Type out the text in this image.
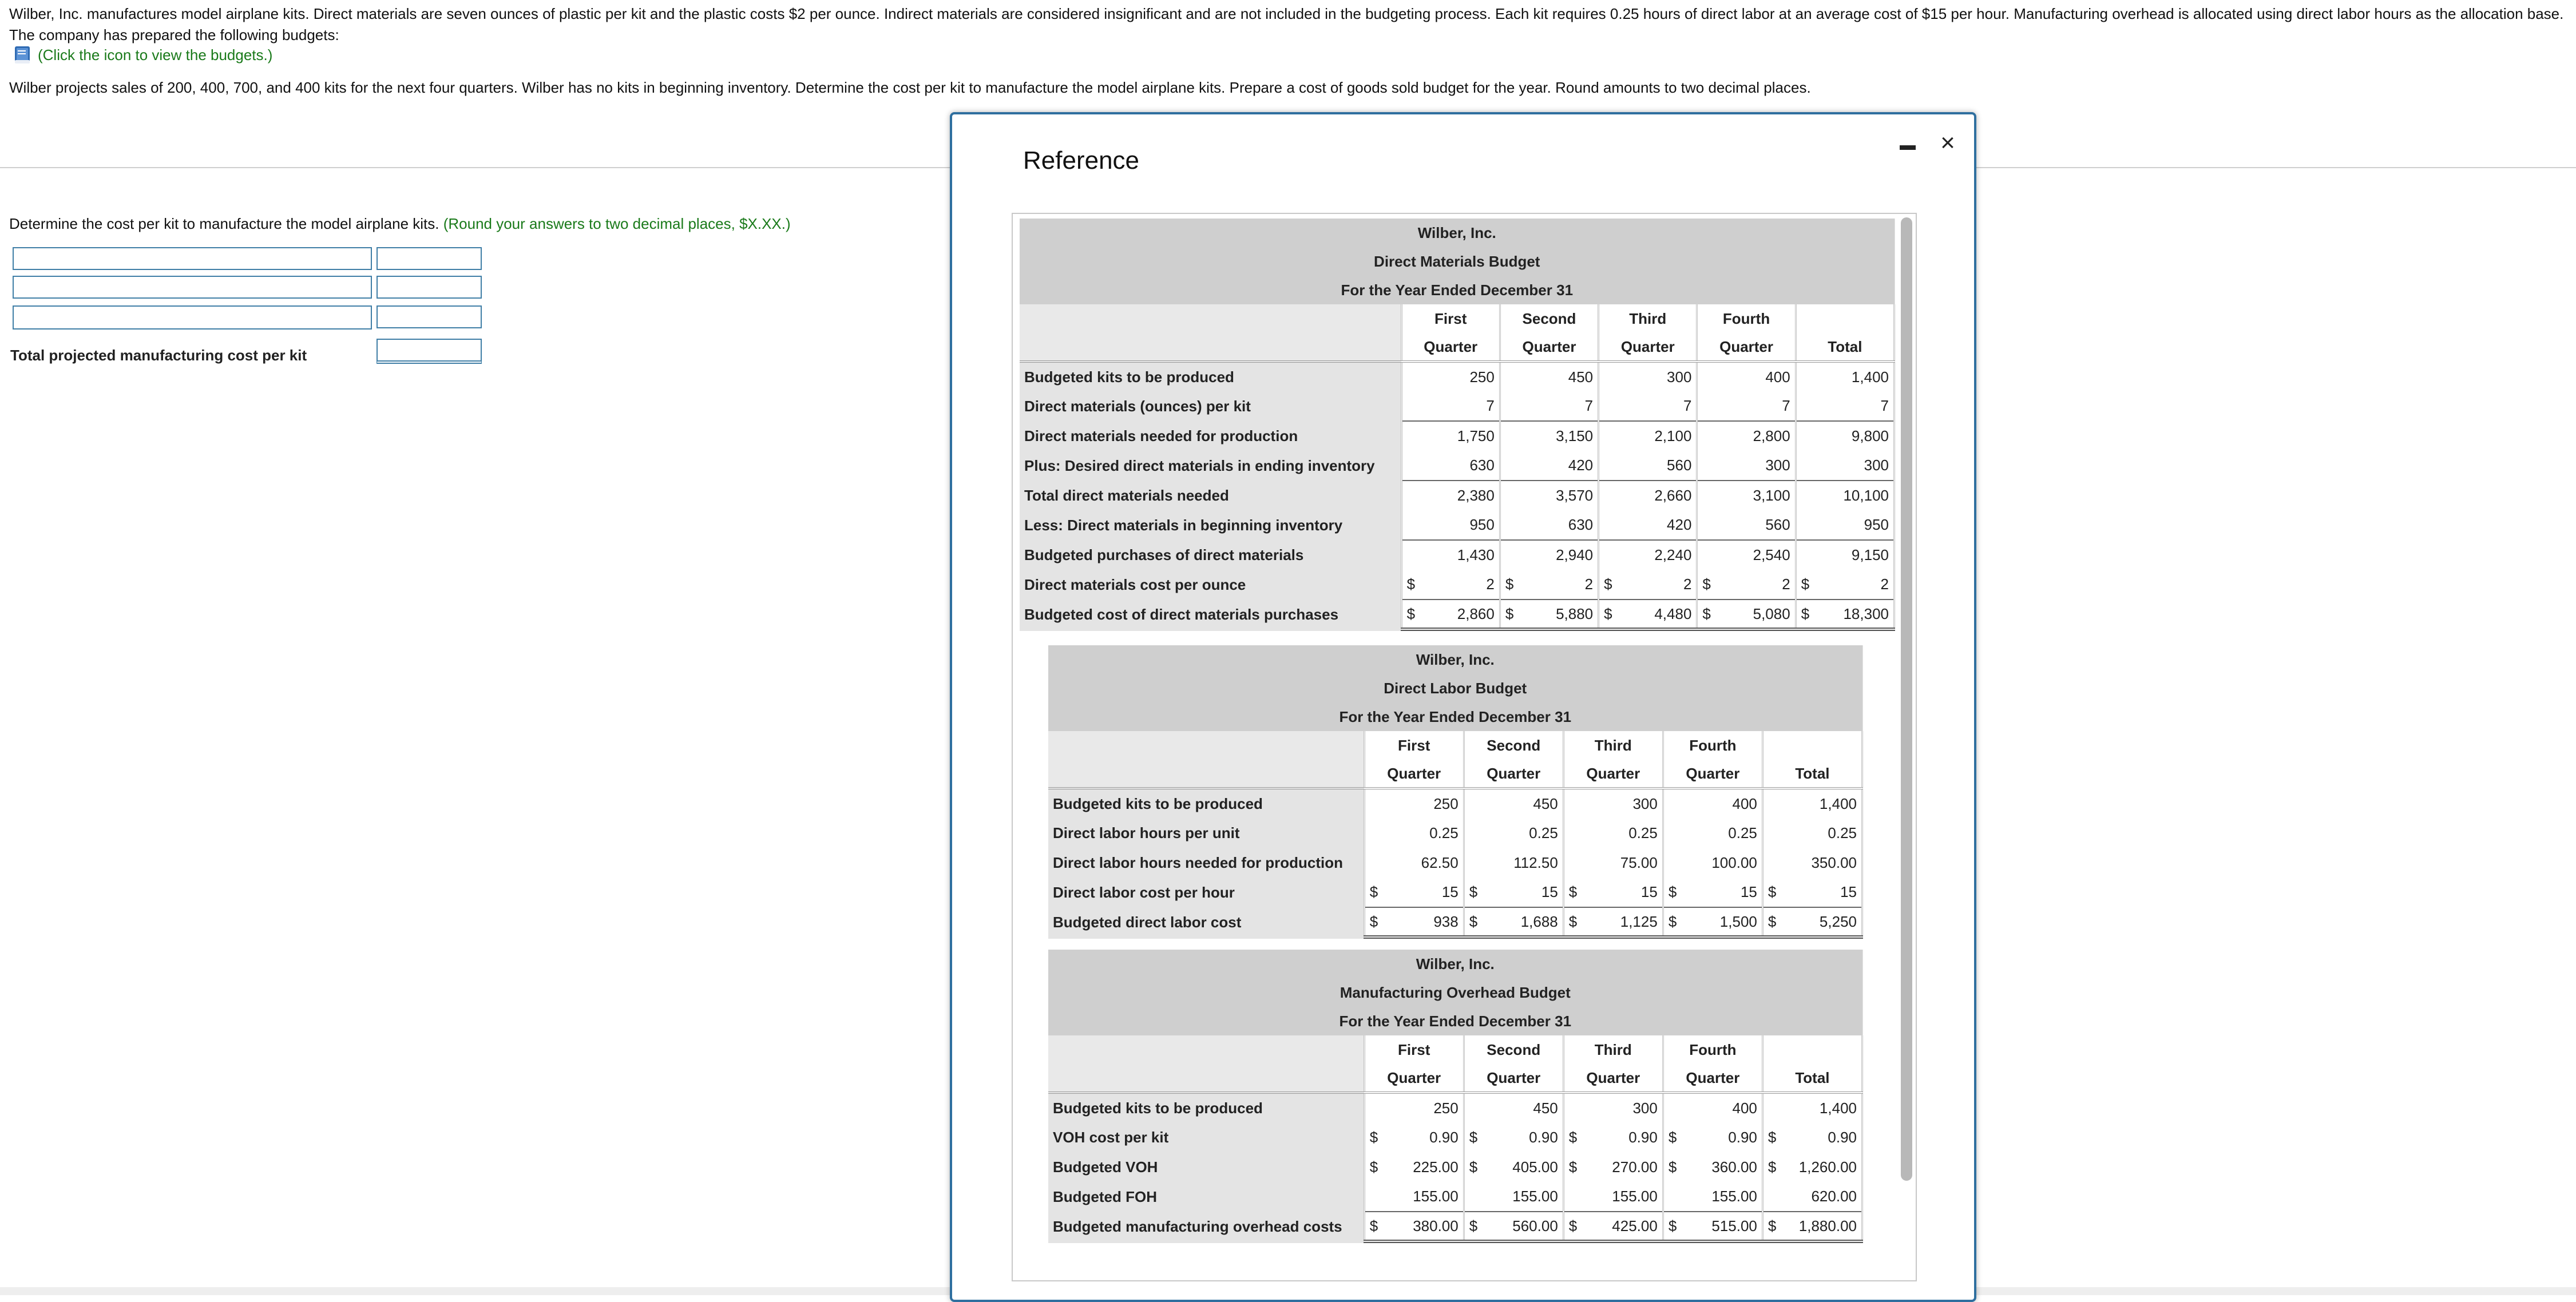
Wilber, Inc. manufactures model airplane kits. Direct materials are seven ounces of plastic per kit and the plastic costs $2 per ounce. Indirect materials are considered insignificant and are not included in the budgeting process. Each kit requires 0.25 hours of direct labor at an average cost of $15 per hour. Manufacturing overhead is allocated using direct labor hours as the allocation base. The company has prepared the following budgets:
(Click the icon to view the budgets.)
Wilber projects sales of 200, 400, 700, and 400 kits for the next four quarters. Wilber has no kits in beginning inventory. Determine the cost per kit to manufacture the model airplane kits. Prepare a cost of goods sold budget for the year. Round amounts to two decimal places.
Determine the cost per kit to manufacture the model airplane kits. (Round your answers to two decimal places, $X.XX.)
Total projected manufacturing cost per kit
Reference
×
Wilber, Inc.					
Direct Materials Budget					
For the Year Ended December 31					
	First	Second	Third	Fourth	
	Quarter	Quarter	Quarter	Quarter	Total
Budgeted kits to be produced	250	450	300	400	1,400
Direct materials (ounces) per kit	7	7	7	7	7
Direct materials needed for production	1,750	3,150	2,100	2,800	9,800
Plus: Desired direct materials in ending inventory	630	420	560	300	300
Total direct materials needed	2,380	3,570	2,660	3,100	10,100
Less: Direct materials in beginning inventory	950	630	420	560	950
Budgeted purchases of direct materials	1,430	2,940	2,240	2,540	9,150
Direct materials cost per ounce	$ 2	$ 2	$ 2	$ 2	$ 2
Budgeted cost of direct materials purchases	$ 2,860	$ 5,880	$ 4,480	$ 5,080	$ 18,300
Wilber, Inc.					
Direct Labor Budget					
For the Year Ended December 31					
	First	Second	Third	Fourth	
	Quarter	Quarter	Quarter	Quarter	Total
Budgeted kits to be produced	250	450	300	400	1,400
Direct labor hours per unit	0.25	0.25	0.25	0.25	0.25
Direct labor hours needed for production	62.50	112.50	75.00	100.00	350.00
Direct labor cost per hour	$ 15	$ 15	$ 15	$ 15	$ 15
Budgeted direct labor cost	$ 938	$ 1,688	$ 1,125	$ 1,500	$ 5,250
Wilber, Inc.					
Manufacturing Overhead Budget					
For the Year Ended December 31					
	First	Second	Third	Fourth	
	Quarter	Quarter	Quarter	Quarter	Total
Budgeted kits to be produced	250	450	300	400	1,400
VOH cost per kit	$ 0.90	$ 0.90	$ 0.90	$ 0.90	$ 0.90
Budgeted VOH	$ 225.00	$ 405.00	$ 270.00	$ 360.00	$ 1,260.00
Budgeted FOH	155.00	155.00	155.00	155.00	620.00
Budgeted manufacturing overhead costs	$ 380.00	$ 560.00	$ 425.00	$ 515.00	$ 1,880.00
